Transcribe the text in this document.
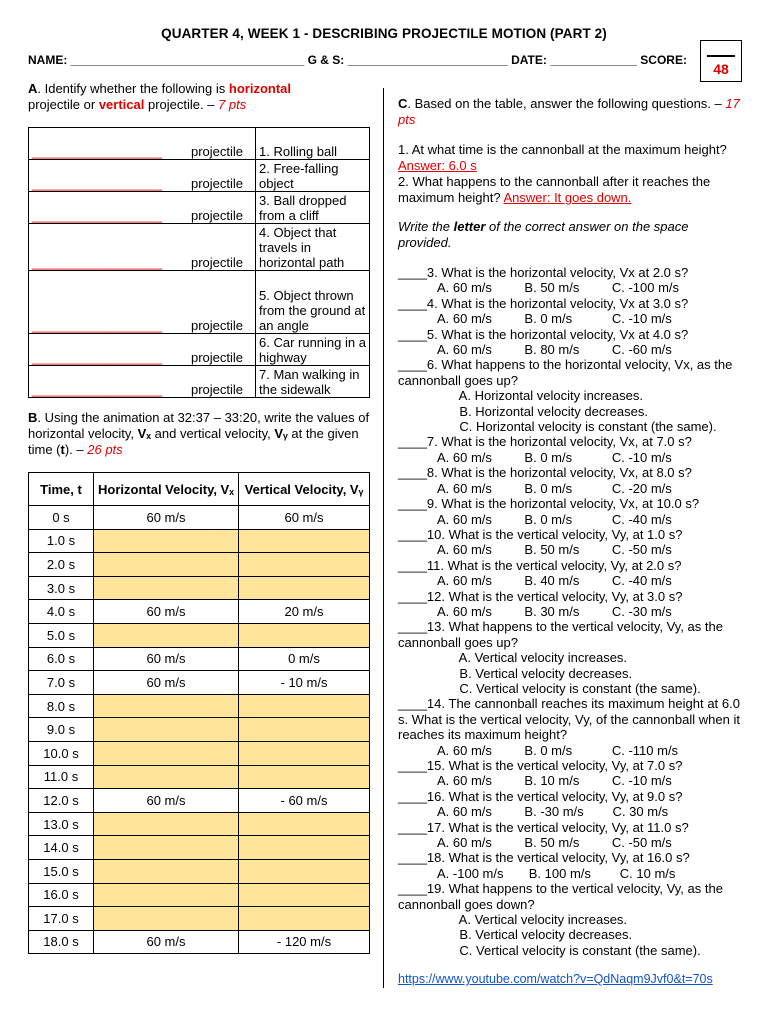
QUARTER 4, WEEK 1 - DESCRIBING PROJECTILE MOTION (PART 2)
NAME: ___________________________________ G & S: ________________________ DATE: _____________ SCORE:
48
A. Identify whether the following is horizontal
projectile or vertical projectile. – 7 pts
__________________ projectile	1. Rolling ball
__________________ projectile	2. Free-falling object
__________________ projectile	3. Ball dropped from a cliff
__________________ projectile	4. Object that travels in horizontal path
__________________ projectile	5. Object thrown from the ground at an angle
__________________ projectile	6. Car running in a highway
__________________ projectile	7. Man walking in the sidewalk
B. Using the animation at 32:37 – 33:20, write the values of horizontal velocity, Vₓ and vertical velocity, Vᵧ at the given time (t). – 26 pts
Time, t	Horizontal Velocity, Vₓ	Vertical Velocity, Vᵧ
0 s	60 m/s	60 m/s
1.0 s		
2.0 s		
3.0 s		
4.0 s	60 m/s	20 m/s
5.0 s		
6.0 s	60 m/s	0 m/s
7.0 s	60 m/s	- 10 m/s
8.0 s		
9.0 s		
10.0 s		
11.0 s		
12.0 s	60 m/s	- 60 m/s
13.0 s		
14.0 s		
15.0 s		
16.0 s		
17.0 s		
18.0 s	60 m/s	- 120 m/s
C. Based on the table, answer the following questions. – 17 pts
1. At what time is the cannonball at the maximum height? Answer: 6.0 s
2. What happens to the cannonball after it reaches the maximum height? Answer: It goes down.
Write the letter of the correct answer on the space provided.
____3. What is the horizontal velocity, Vx at 2.0 s?
A. 60 m/s         B. 50 m/s         C. -100 m/s
____4. What is the horizontal velocity, Vx at 3.0 s?
A. 60 m/s         B. 0 m/s           C. -10 m/s
____5. What is the horizontal velocity, Vx at 4.0 s?
A. 60 m/s         B. 80 m/s         C. -60 m/s
____6. What happens to the horizontal velocity, Vx, as the cannonball goes up?
A. Horizontal velocity increases.
B. Horizontal velocity decreases.
C. Horizontal velocity is constant (the same).
____7. What is the horizontal velocity, Vx, at 7.0 s?
A. 60 m/s         B. 0 m/s           C. -10 m/s
____8. What is the horizontal velocity, Vx, at 8.0 s?
A. 60 m/s         B. 0 m/s           C. -20 m/s
____9. What is the horizontal velocity, Vx, at 10.0 s?
A. 60 m/s         B. 0 m/s           C. -40 m/s
____10. What is the vertical velocity, Vy, at 1.0 s?
A. 60 m/s         B. 50 m/s         C. -50 m/s
____11. What is the vertical velocity, Vy, at 2.0 s?
A. 60 m/s         B. 40 m/s         C. -40 m/s
____12. What is the vertical velocity, Vy, at 3.0 s?
A. 60 m/s         B. 30 m/s         C. -30 m/s
____13. What happens to the vertical velocity, Vy, as the cannonball goes up?
A. Vertical velocity increases.
B. Vertical velocity decreases.
C. Vertical velocity is constant (the same).
____14. The cannonball reaches its maximum height at 6.0 s. What is the vertical velocity, Vy, of the cannonball when it reaches its maximum height?
A. 60 m/s         B. 0 m/s           C. -110 m/s
____15. What is the vertical velocity, Vy, at 7.0 s?
A. 60 m/s         B. 10 m/s         C. -10 m/s
____16. What is the vertical velocity, Vy, at 9.0 s?
A. 60 m/s         B. -30 m/s        C. 30 m/s
____17. What is the vertical velocity, Vy, at 11.0 s?
A. 60 m/s         B. 50 m/s         C. -50 m/s
____18. What is the vertical velocity, Vy, at 16.0 s?
A. -100 m/s       B. 100 m/s        C. 10 m/s
____19. What happens to the vertical velocity, Vy, as the cannonball goes down?
A. Vertical velocity increases.
B. Vertical velocity decreases.
C. Vertical velocity is constant (the same).
https://www.youtube.com/watch?v=QdNaqm9Jvf0&t=70s
